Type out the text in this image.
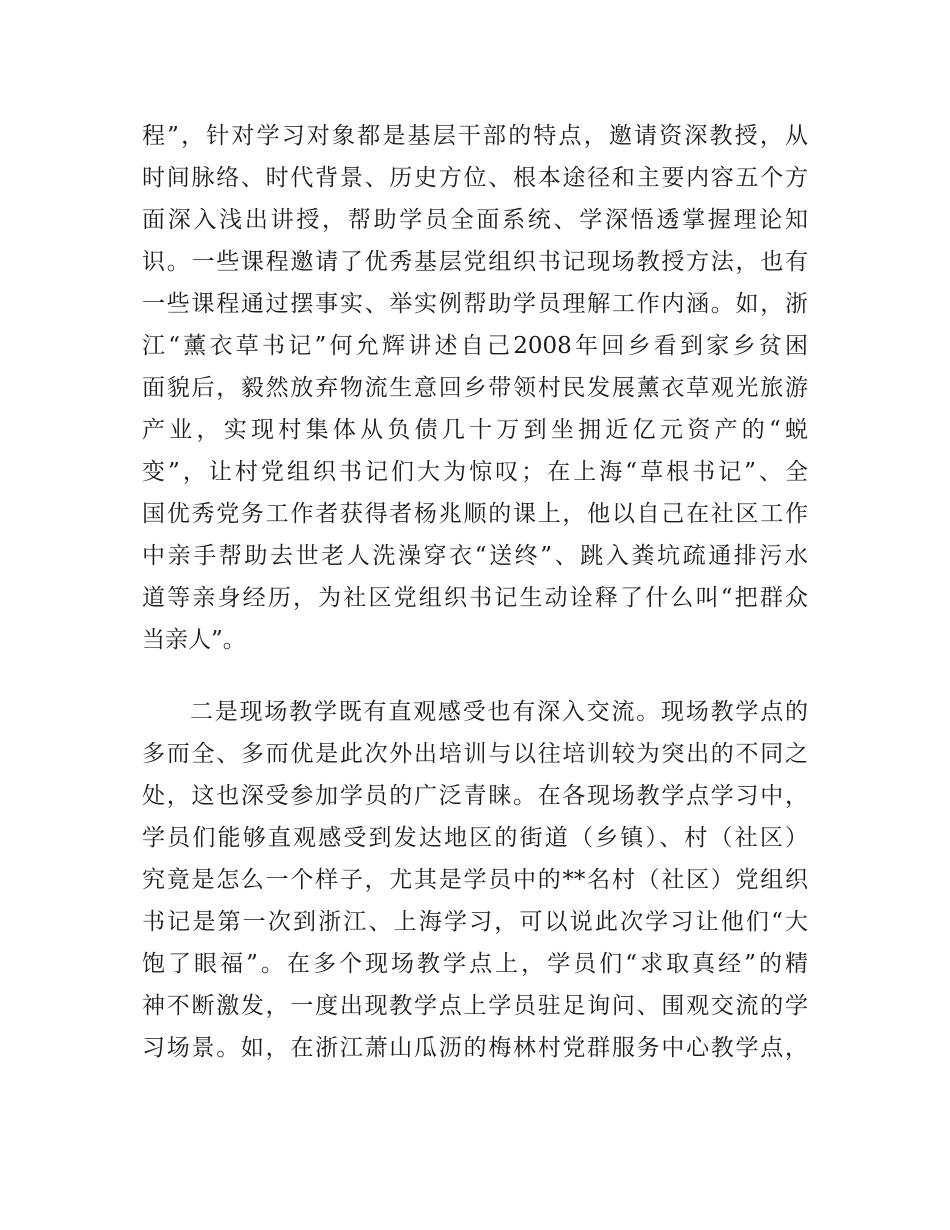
程”，针对学习对象都是基层干部的特点，邀请资深教授，从
时间脉络、时代背景、历史方位、根本途径和主要内容五个方
面深入浅出讲授，帮助学员全面系统、学深悟透掌握理论知
识。一些课程邀请了优秀基层党组织书记现场教授方法，也有
一些课程通过摆事实、举实例帮助学员理解工作内涵。如，浙
江“薰衣草书记”何允辉讲述自己2008年回乡看到家乡贫困
面貌后，毅然放弃物流生意回乡带领村民发展薰衣草观光旅游
产业，实现村集体从负债几十万到坐拥近亿元资产的“蜕
变”，让村党组织书记们大为惊叹；在上海“草根书记”、全
国优秀党务工作者获得者杨兆顺的课上，他以自己在社区工作
中亲手帮助去世老人洗澡穿衣“送终”、跳入粪坑疏通排污水
道等亲身经历，为社区党组织书记生动诠释了什么叫“把群众
当亲人”。
二是现场教学既有直观感受也有深入交流。现场教学点的
多而全、多而优是此次外出培训与以往培训较为突出的不同之
处，这也深受参加学员的广泛青睐。在各现场教学点学习中，
学员们能够直观感受到发达地区的街道（乡镇）、村（社区）
究竟是怎么一个样子，尤其是学员中的**名村（社区）党组织
书记是第一次到浙江、上海学习，可以说此次学习让他们“大
饱了眼福”。在多个现场教学点上，学员们“求取真经”的精
神不断激发，一度出现教学点上学员驻足询问、围观交流的学
习场景。如，在浙江萧山瓜沥的梅林村党群服务中心教学点，
